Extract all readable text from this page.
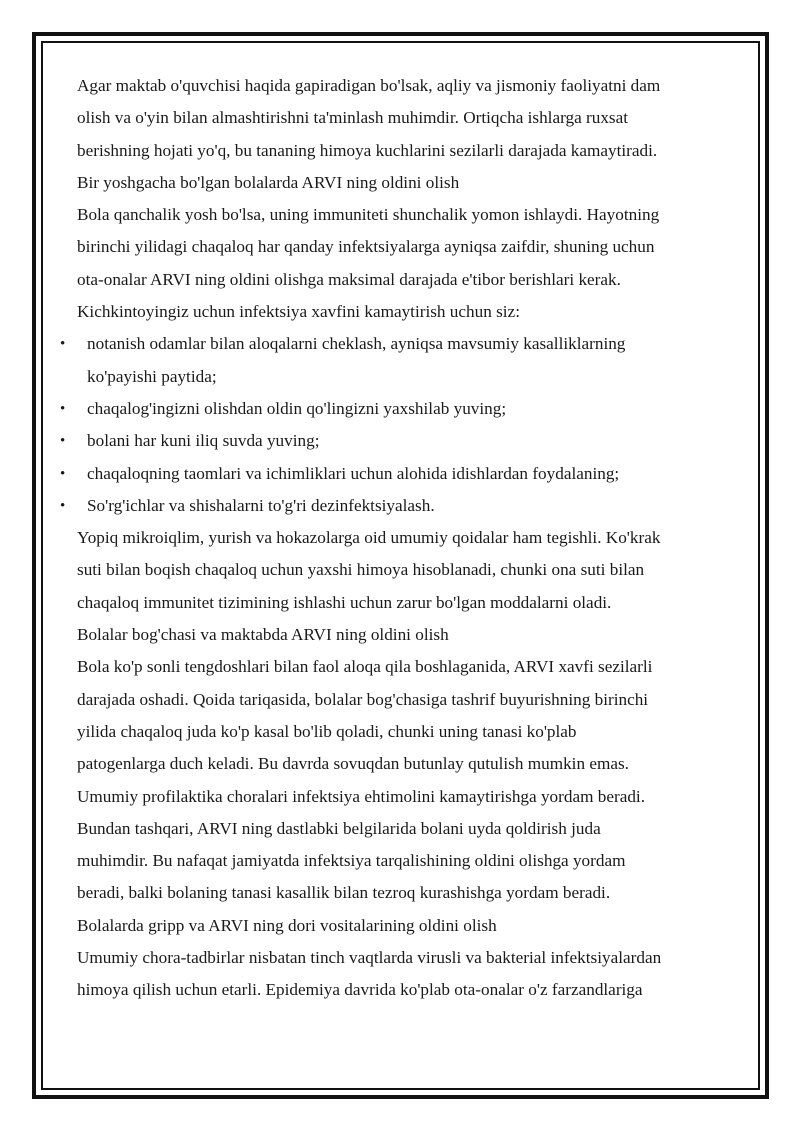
Agar maktab o'quvchisi haqida gapiradigan bo'lsak, aqliy va jismoniy faoliyatni dam

olish va o'yin bilan almashtirishni ta'minlash muhimdir. Ortiqcha ishlarga ruxsat

berishning hojati yo'q, bu tananing himoya kuchlarini sezilarli darajada kamaytiradi.

Bir yoshgacha bo'lgan bolalarda ARVI ning oldini olish

Bola qanchalik yosh bo'lsa, uning immuniteti shunchalik yomon ishlaydi. Hayotning

birinchi yilidagi chaqaloq har qanday infektsiyalarga ayniqsa zaifdir, shuning uchun

ota-onalar ARVI ning oldini olishga maksimal darajada e'tibor berishlari kerak.

Kichkintoyingiz uchun infektsiya xavfini kamaytirish uchun siz:

• notanish odamlar bilan aloqalarni cheklash, ayniqsa mavsumiy kasalliklarning
ko'payishi paytida;
• chaqalog'ingizni olishdan oldin qo'lingizni yaxshilab yuving;
• bolani har kuni iliq suvda yuving;
• chaqaloqning taomlari va ichimliklari uchun alohida idishlardan foydalaning;
• So'rg'ichlar va shishalarni to'g'ri dezinfektsiyalash.

Yopiq mikroiqlim, yurish va hokazolarga oid umumiy qoidalar ham tegishli. Ko'krak

suti bilan boqish chaqaloq uchun yaxshi himoya hisoblanadi, chunki ona suti bilan

chaqaloq immunitet tizimining ishlashi uchun zarur bo'lgan moddalarni oladi.

Bolalar bog'chasi va maktabda ARVI ning oldini olish

Bola ko'p sonli tengdoshlari bilan faol aloqa qila boshlaganida, ARVI xavfi sezilarli

darajada oshadi. Qoida tariqasida, bolalar bog'chasiga tashrif buyurishning birinchi

yilida chaqaloq juda ko'p kasal bo'lib qoladi, chunki uning tanasi ko'plab

patogenlarga duch keladi. Bu davrda sovuqdan butunlay qutulish mumkin emas.

Umumiy profilaktika choralari infektsiya ehtimolini kamaytirishga yordam beradi.

Bundan tashqari, ARVI ning dastlabki belgilarida bolani uyda qoldirish juda

muhimdir. Bu nafaqat jamiyatda infektsiya tarqalishining oldini olishga yordam

beradi, balki bolaning tanasi kasallik bilan tezroq kurashishga yordam beradi.

Bolalarda gripp va ARVI ning dori vositalarining oldini olish

Umumiy chora-tadbirlar nisbatan tinch vaqtlarda virusli va bakterial infektsiyalardan

himoya qilish uchun etarli. Epidemiya davrida ko'plab ota-onalar o'z farzandlariga
